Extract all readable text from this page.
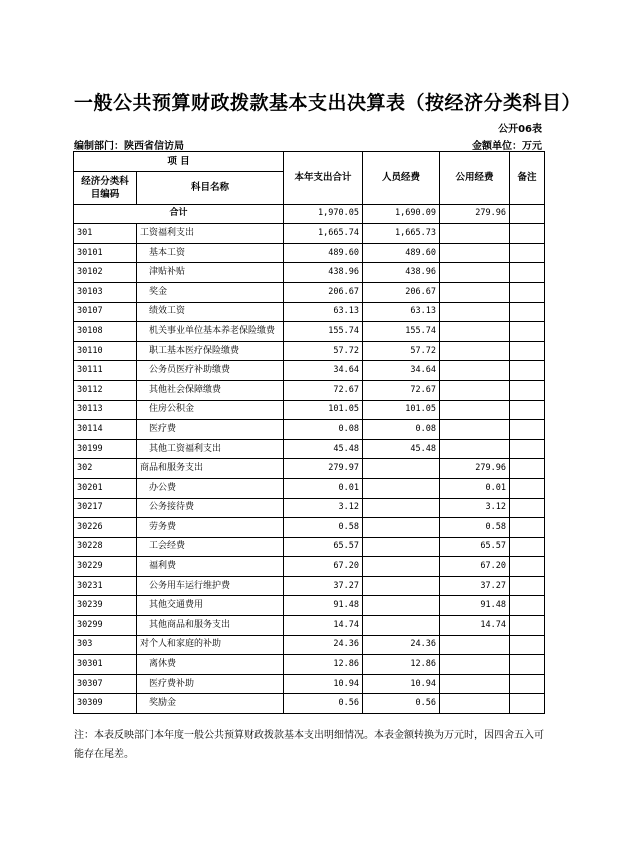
一般公共预算财政拨款基本支出决算表（按经济分类科目）
公开06表
编制部门：陕西省信访局	金额单位：万元
项 目		本年支出合计	人员经费	公用经费	备注
经济分类科目编码	科目名称				
合计		1,970.05	1,690.09	279.96	
301	工资福利支出	1,665.74	1,665.73		
30101	基本工资	489.60	489.60		
30102	津贴补贴	438.96	438.96		
30103	奖金	206.67	206.67		
30107	绩效工资	63.13	63.13		
30108	机关事业单位基本养老保险缴费	155.74	155.74		
30110	职工基本医疗保险缴费	57.72	57.72		
30111	公务员医疗补助缴费	34.64	34.64		
30112	其他社会保障缴费	72.67	72.67		
30113	住房公积金	101.05	101.05		
30114	医疗费	0.08	0.08		
30199	其他工资福利支出	45.48	45.48		
302	商品和服务支出	279.97		279.96	
30201	办公费	0.01		0.01	
30217	公务接待费	3.12		3.12	
30226	劳务费	0.58		0.58	
30228	工会经费	65.57		65.57	
30229	福利费	67.20		67.20	
30231	公务用车运行维护费	37.27		37.27	
30239	其他交通费用	91.48		91.48	
30299	其他商品和服务支出	14.74		14.74	
303	对个人和家庭的补助	24.36	24.36		
30301	离休费	12.86	12.86		
30307	医疗费补助	10.94	10.94		
30309	奖励金	0.56	0.56		
注：本表反映部门本年度一般公共预算财政拨款基本支出明细情况。本表金额转换为万元时，因四舍五入可能存在尾差。
